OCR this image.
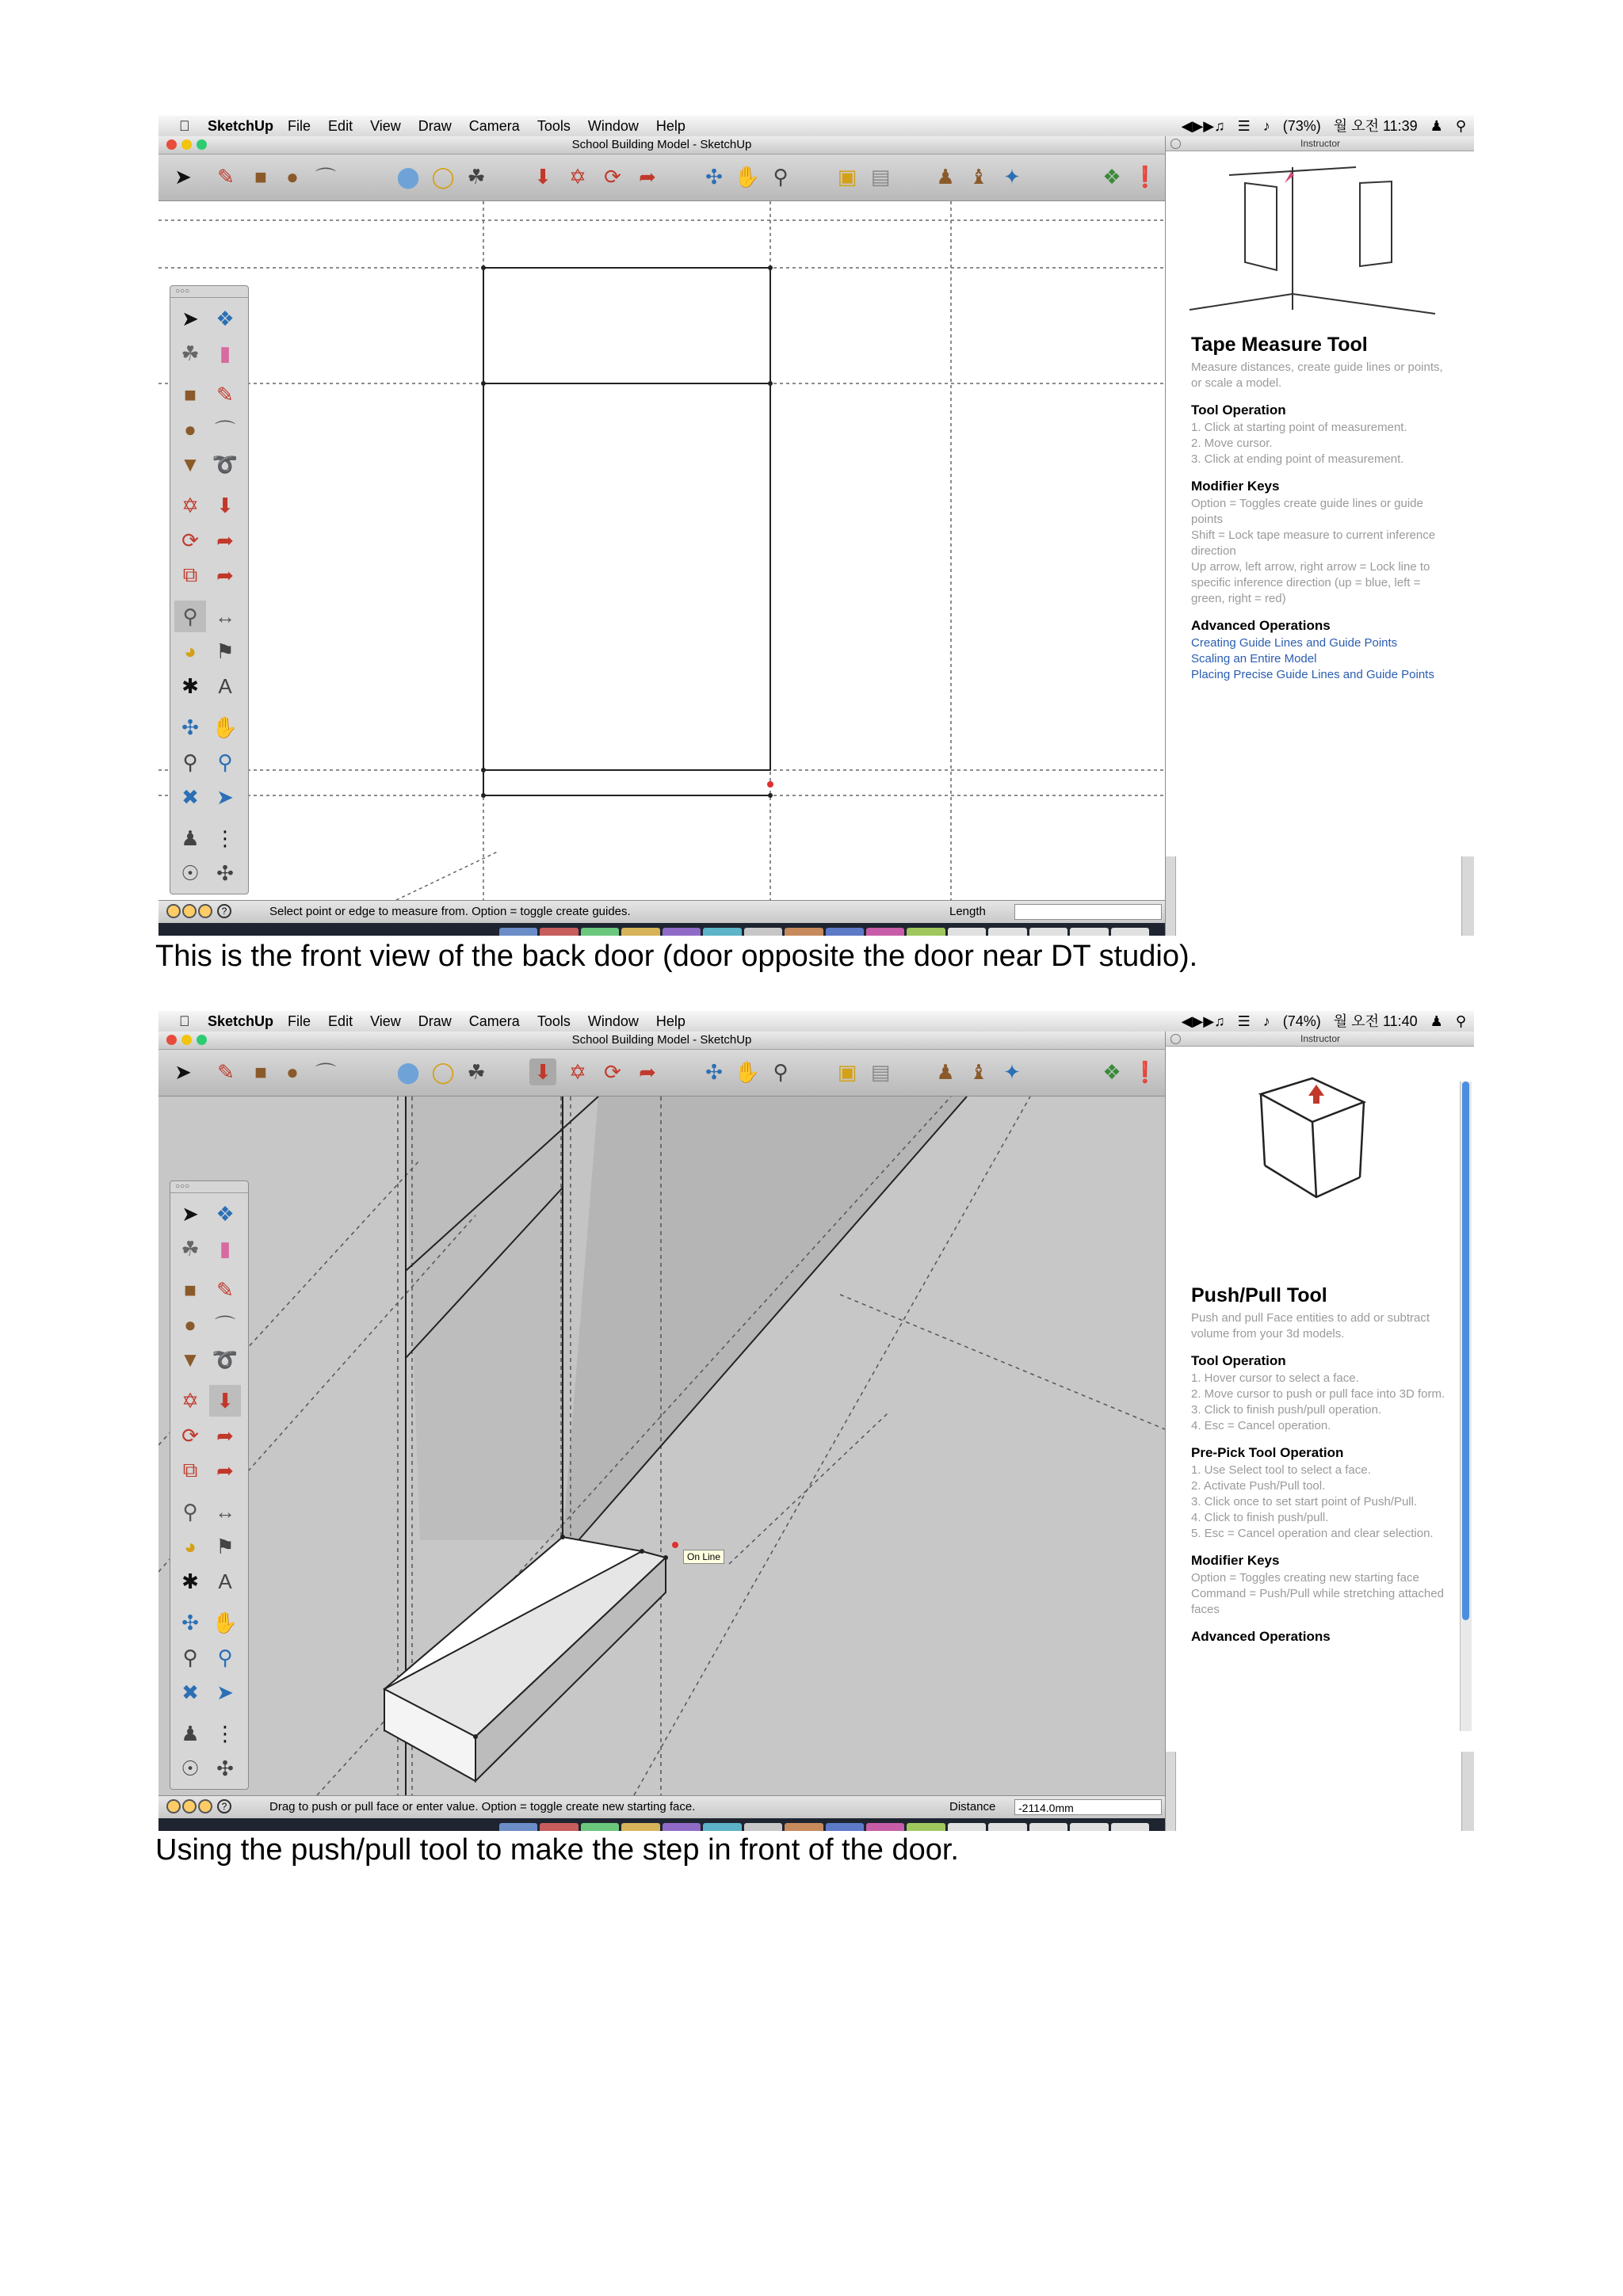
SketchUp File Edit View Draw Camera Tools Window Help	◀▶▶♫ ☰ ♪ (73%) 월 오전 11:39 ♟ ⚲
School Building Model - SketchUp
➤ ✎ ■ ● ⌒	⬤ ◯ ☘ ⬇ ✡ ⟳ ➦ ✣ ✋ ⚲ ▣ ▤ ♟ ♝ ✦	❖ ❗
○○○
➤ ❖
☘ ▮
■ ✎
● ⌒
▼ ➰
✡ ⬇
⟳ ➦
⧉ ➦
⚲ ↔
◕ ⚑
✱ A
✣ ✋
⚲ ⚲
✖ ➤
♟ ⋮
☉ ✣
?	Select point or edge to measure from. Option = toggle create guides.	Length
Instructor

Tape Measure Tool

Measure distances, create guide lines or points, or scale a model.

Tool Operation

1. Click at starting point of measurement.

2. Move cursor.

3. Click at ending point of measurement.

Modifier Keys

Option = Toggles create guide lines or guide points

Shift = Lock tape measure to current inference direction

Up arrow, left arrow, right arrow = Lock line to specific inference direction (up = blue, left = green, right = red)

Advanced Operations

Creating Guide Lines and Guide Points

Scaling an Entire Model

Placing Precise Guide Lines and Guide Points

This is the front view of the back door (door opposite the door near DT studio).
SketchUp File Edit View Draw Camera Tools Window Help	◀▶▶♫ ☰ ♪ (74%) 월 오전 11:40 ♟ ⚲
School Building Model - SketchUp
➤ ✎ ■ ● ⌒	⬤ ◯ ☘ ⬇ ✡ ⟳ ➦ ✣ ✋ ⚲ ▣ ▤ ♟ ♝ ✦	❖ ❗
On Line
○○○
➤ ❖
☘ ▮
■ ✎
● ⌒
▼ ➰
✡ ⬇
⟳ ➦
⧉ ➦
⚲ ↔
◕ ⚑
✱ A
✣ ✋
⚲ ⚲
✖ ➤
♟ ⋮
☉ ✣
?	Drag to push or pull face or enter value. Option = toggle create new starting face.	Distance	-2114.0mm
Instructor

Push/Pull Tool

Push and pull Face entities to add or subtract volume from your 3d models.

Tool Operation

1. Hover cursor to select a face.

2. Move cursor to push or pull face into 3D form.

3. Click to finish push/pull operation.

4. Esc = Cancel operation.

Pre-Pick Tool Operation

1. Use Select tool to select a face.

2. Activate Push/Pull tool.

3. Click once to set start point of Push/Pull.

4. Click to finish push/pull.

5. Esc = Cancel operation and clear selection.

Modifier Keys

Option = Toggles creating new starting face

Command = Push/Pull while stretching attached faces

Advanced Operations

Using the push/pull tool to make the step in front of the door.
